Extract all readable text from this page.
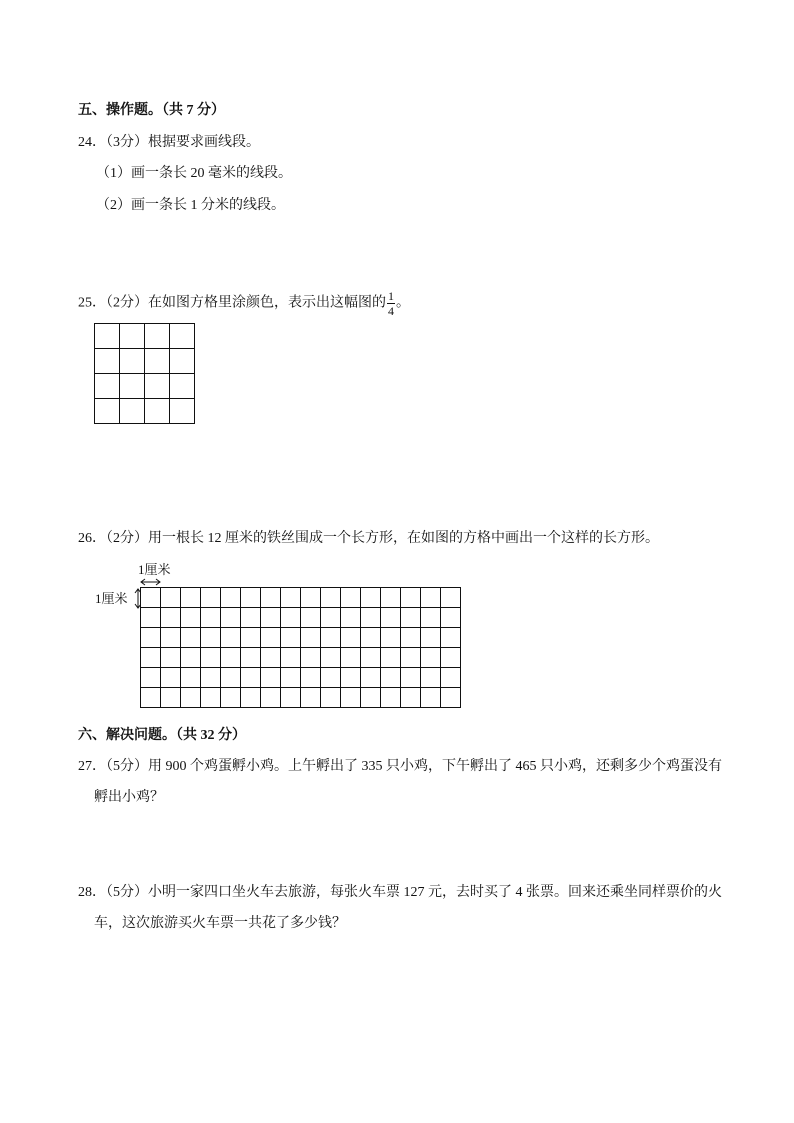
五、操作题。（共 7 分）
24．（3分）根据要求画线段。
（1）画一条长 20 毫米的线段。
（2）画一条长 1 分米的线段。
25．（2分）在如图方格里涂颜色，表示出这幅图的 $\frac{1}{4}$ 。
26．（2分）用一根长 12 厘米的铁丝围成一个长方形，在如图的方格中画出一个这样的长方形。
1厘米
1厘米
六、解决问题。（共 32 分）
27．（5分）用 900 个鸡蛋孵小鸡。上午孵出了 335 只小鸡，下午孵出了 465 只小鸡，还剩多少个鸡蛋没有
孵出小鸡？
28．（5分）小明一家四口坐火车去旅游，每张火车票 127 元，去时买了 4 张票。回来还乘坐同样票价的火
车，这次旅游买火车票一共花了多少钱？
